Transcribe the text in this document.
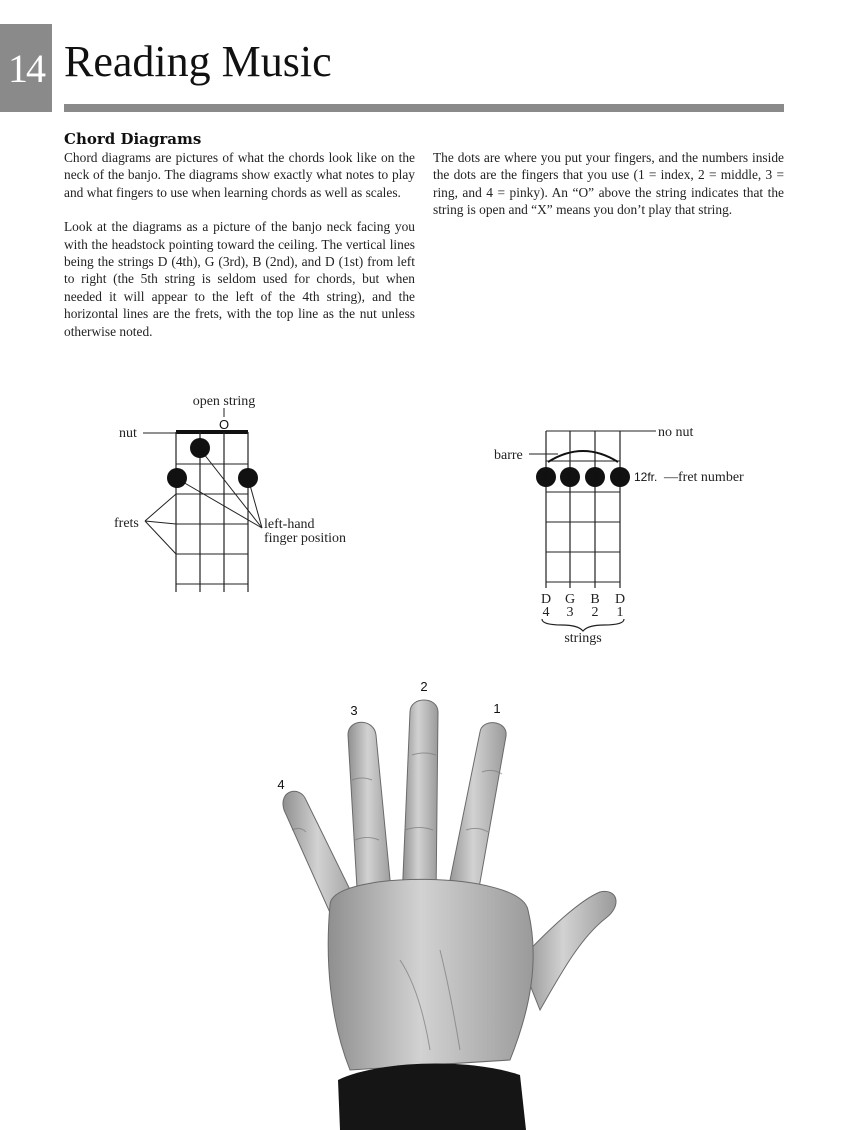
14 Reading Music
Chord Diagrams

Chord diagrams are pictures of what the chords look like on the neck of the banjo. The diagrams show exactly what notes to play and what fingers to use when learning chords as well as scales.

Look at the diagrams as a picture of the banjo neck facing you with the headstock pointing toward the ceiling. The vertical lines being the strings D (4th), G (3rd), B (2nd), and D (1st) from left to right (the 5th string is seldom used for chords, but when needed it will appear to the left of the 4th string), and the horizontal lines are the frets, with the top line as the nut unless otherwise noted.

The dots are where you put your fingers, and the numbers inside the dots are the fingers that you use (1 = index, 2 = middle, 3 = ring, and 4 = pinky). An “O” above the string indicates that the string is open and “X” means you don’t play that string.

open string
O
nut
frets	left-hand
finger position
1
2	3
no nut
barre
1 1 1 1 12fr. —fret number
D G B D
4 3 2 1
strings
2
1
3
4
